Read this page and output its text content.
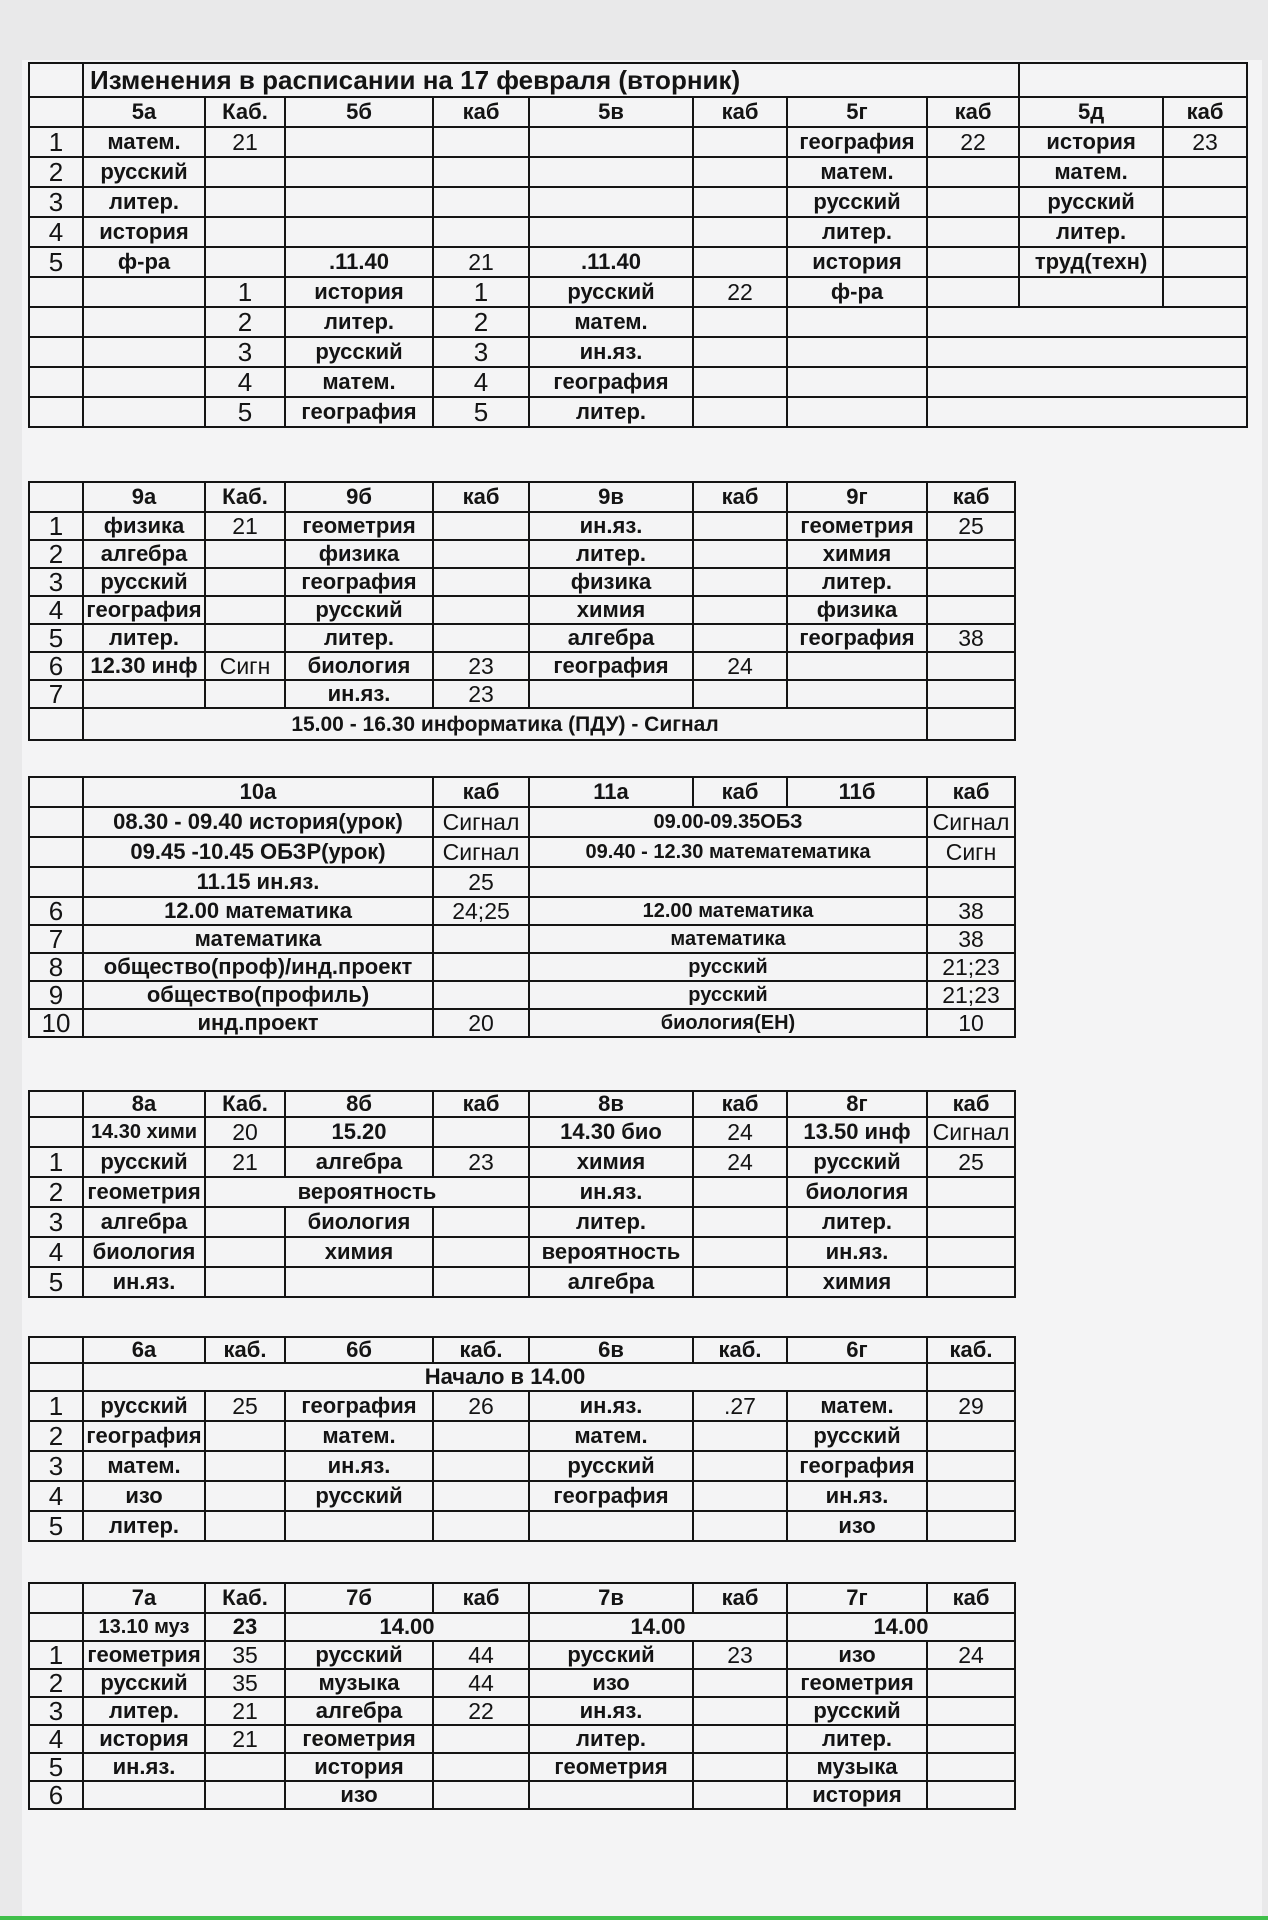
	Изменения в расписании на 17 февраля (вторник)									
	5а	Каб.	5б	каб	5в	каб	5г	каб	5д	каб
1	матем.	21					география	22	история	23
2	русский						матем.		матем.	
3	литер.						русский		русский	
4	история						литер.		литер.	
5	ф-ра		.11.40	21	.11.40		история		труд(техн)	
		1	история	1	русский	22	ф-ра			
		2	литер.	2	матем.					
		3	русский	3	ин.яз.					
		4	матем.	4	география					
		5	география	5	литер.					
	9а	Каб.	9б	каб	9в	каб	9г	каб
1	физика	21	геометрия		ин.яз.		геометрия	25
2	алгебра		физика		литер.		химия	
3	русский		география		физика		литер.	
4	география		русский		химия		физика	
5	литер.		литер.		алгебра		география	38
6	12.30 инф	Сигн	биология	23	география	24		
7			ин.яз.	23				
	15.00 - 16.30 информатика (ПДУ) - Сигнал							
	10а	каб	11а	каб	11б	каб
	08.30 - 09.40 история(урок)	Сигнал	09.00-09.35ОБЗ			Сигнал
	09.45 -10.45 ОБЗР(урок)	Сигнал	09.40 - 12.30 математематика			Сигн
	11.15 ин.яз.	25				
6	12.00 математика	24;25	12.00 математика			38
7	математика		математика			38
8	общество(проф)/инд.проект		русский			21;23
9	общество(профиль)		русский			21;23
10	инд.проект	20	биология(ЕН)			10
	8а	Каб.	8б	каб	8в	каб	8г	каб
	14.30 хими	20	15.20		14.30 био	24	13.50 инф	Сигнал
1	русский	21	алгебра	23	химия	24	русский	25
2	геометрия	вероятность			ин.яз.		биология	
3	алгебра		биология		литер.		литер.	
4	биология		химия		вероятность		ин.яз.	
5	ин.яз.				алгебра		химия	
	6а	каб.	6б	каб.	6в	каб.	6г	каб.
	Начало в 14.00							
1	русский	25	география	26	ин.яз.	.27	матем.	29
2	география		матем.		матем.		русский	
3	матем.		ин.яз.		русский		география	
4	изо		русский		география		ин.яз.	
5	литер.						изо	
	7а	Каб.	7б	каб	7в	каб	7г	каб
	13.10 муз	23	14.00		14.00		14.00	
1	геометрия	35	русский	44	русский	23	изо	24
2	русский	35	музыка	44	изо		геометрия	
3	литер.	21	алгебра	22	ин.яз.		русский	
4	история	21	геометрия		литер.		литер.	
5	ин.яз.		история		геометрия		музыка	
6			изо				история	
